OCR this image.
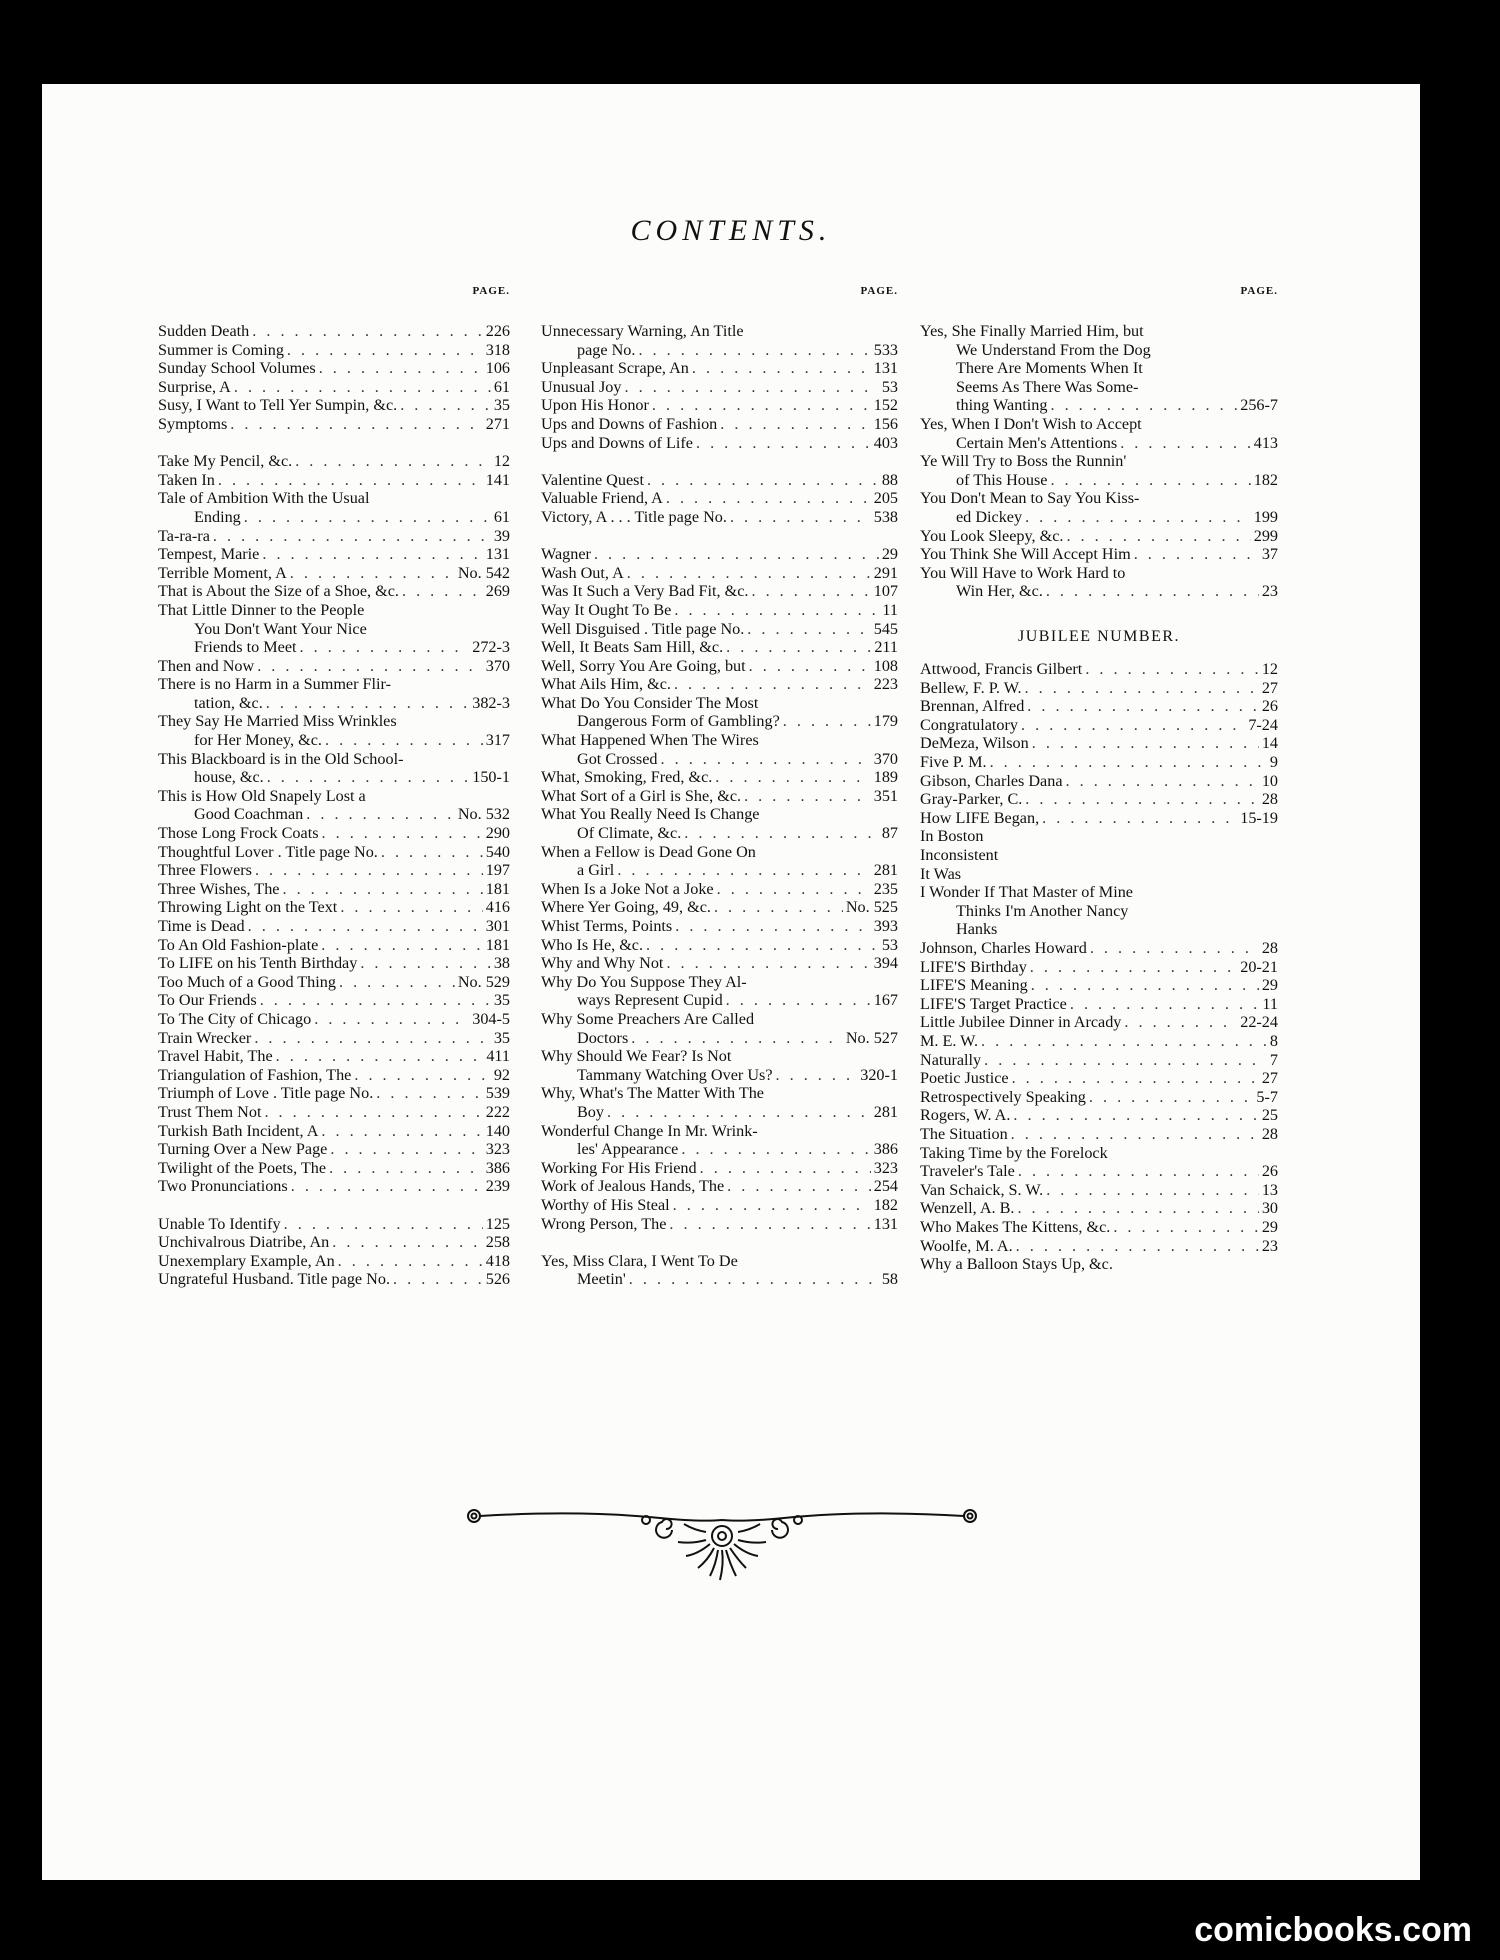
CONTENTS.
PAGE.
Sudden Death . . .	226
Summer is Coming . . .	318
Sunday School Volumes . . .	106
Surprise, A . . .	61
Susy, I Want to Tell Yer Sumpin, &c. . . .	35
Symptoms . . .	271
Take My Pencil, &c. . . .	12
Taken In . . .	141
Tale of Ambition With the Usual
Ending . . .	61
Ta-ra-ra . . .	39
Tempest, Marie . . .	131
Terrible Moment, A . . .	No. 542
That is About the Size of a Shoe, &c. . . .	269
That Little Dinner to the People
You Don't Want Your Nice
Friends to Meet . . .	272-3
Then and Now . . .	370
There is no Harm in a Summer Flir-
tation, &c. . . .	382-3
They Say He Married Miss Wrinkles
for Her Money, &c. . . .	317
This Blackboard is in the Old School-
house, &c. . . .	150-1
This is How Old Snapely Lost a
Good Coachman . . .	No. 532
Those Long Frock Coats . . .	290
Thoughtful Lover . Title page No. . . .	540
Three Flowers . . .	197
Three Wishes, The . . .	181
Throwing Light on the Text . . .	416
Time is Dead . . .	301
To An Old Fashion-plate . . .	181
To LIFE on his Tenth Birthday . . .	38
Too Much of a Good Thing . . .	No. 529
To Our Friends . . .	35
To The City of Chicago . . .	304-5
Train Wrecker . . .	35
Travel Habit, The . . .	411
Triangulation of Fashion, The . . .	92
Triumph of Love . Title page No. . . .	539
Trust Them Not . . .	222
Turkish Bath Incident, A . . .	140
Turning Over a New Page . . .	323
Twilight of the Poets, The . . .	386
Two Pronunciations . . .	239
Unable To Identify . . .	125
Unchivalrous Diatribe, An . . .	258
Unexemplary Example, An . . .	418
Ungrateful Husband. Title page No. . . .	526
PAGE.
Unnecessary Warning, An Title
page No. . . .	533
Unpleasant Scrape, An . . .	131
Unusual Joy . . .	53
Upon His Honor . . .	152
Ups and Downs of Fashion . . .	156
Ups and Downs of Life . . .	403
Valentine Quest . . .	88
Valuable Friend, A . . .	205
Victory, A . . . Title page No. . . .	538
Wagner . . .	29
Wash Out, A . . .	291
Was It Such a Very Bad Fit, &c. . . .	107
Way It Ought To Be . . .	11
Well Disguised . Title page No. . . .	545
Well, It Beats Sam Hill, &c. . . .	211
Well, Sorry You Are Going, but . . .	108
What Ails Him, &c. . . .	223
What Do You Consider The Most
Dangerous Form of Gambling? . . .	179
What Happened When The Wires
Got Crossed . . .	370
What, Smoking, Fred, &c. . . .	189
What Sort of a Girl is She, &c. . . .	351
What You Really Need Is Change
Of Climate, &c. . . .	87
When a Fellow is Dead Gone On
a Girl . . .	281
When Is a Joke Not a Joke . . .	235
Where Yer Going, 49, &c. . . .	No. 525
Whist Terms, Points . . .	393
Who Is He, &c. . . .	53
Why and Why Not . . .	394
Why Do You Suppose They Al-
ways Represent Cupid . . .	167
Why Some Preachers Are Called
Doctors . . .	No. 527
Why Should We Fear? Is Not
Tammany Watching Over Us? . . .	320-1
Why, What's The Matter With The
Boy . . .	281
Wonderful Change In Mr. Wrink-
les' Appearance . . .	386
Working For His Friend . . .	323
Work of Jealous Hands, The . . .	254
Worthy of His Steal . . .	182
Wrong Person, The . . .	131
Yes, Miss Clara, I Went To De
Meetin' . . .	58
PAGE.
Yes, She Finally Married Him, but
We Understand From the Dog
There Are Moments When It
Seems As There Was Some-
thing Wanting . . .	256-7
Yes, When I Don't Wish to Accept
Certain Men's Attentions . . .	413
Ye Will Try to Boss the Runnin'
of This House . . .	182
You Don't Mean to Say You Kiss-
ed Dickey . . .	199
You Look Sleepy, &c. . . .	299
You Think She Will Accept Him . . .	37
You Will Have to Work Hard to
Win Her, &c. . . .	23
JUBILEE NUMBER.
Attwood, Francis Gilbert . . .	12
Bellew, F. P. W. . . .	27
Brennan, Alfred . . .	26
Congratulatory . . .	7-24
DeMeza, Wilson . . .	14
Five P. M. . . .	9
Gibson, Charles Dana . . .	10
Gray-Parker, C. . . .	28
How LIFE Began, . . .	15-19
In Boston
Inconsistent
It Was
I Wonder If That Master of Mine
Thinks I'm Another Nancy
Hanks
Johnson, Charles Howard . . .	28
LIFE'S Birthday . . .	20-21
LIFE'S Meaning . . .	29
LIFE'S Target Practice . . .	11
Little Jubilee Dinner in Arcady . . .	22-24
M. E. W. . . .	8
Naturally . . .	7
Poetic Justice . . .	27
Retrospectively Speaking . . .	5-7
Rogers, W. A. . . .	25
The Situation . . .	28
Taking Time by the Forelock
Traveler's Tale . . .	26
Van Schaick, S. W. . . .	13
Wenzell, A. B. . . .	30
Who Makes The Kittens, &c. . . .	29
Woolfe, M. A. . . .	23
Why a Balloon Stays Up, &c.
comicbooks.com
